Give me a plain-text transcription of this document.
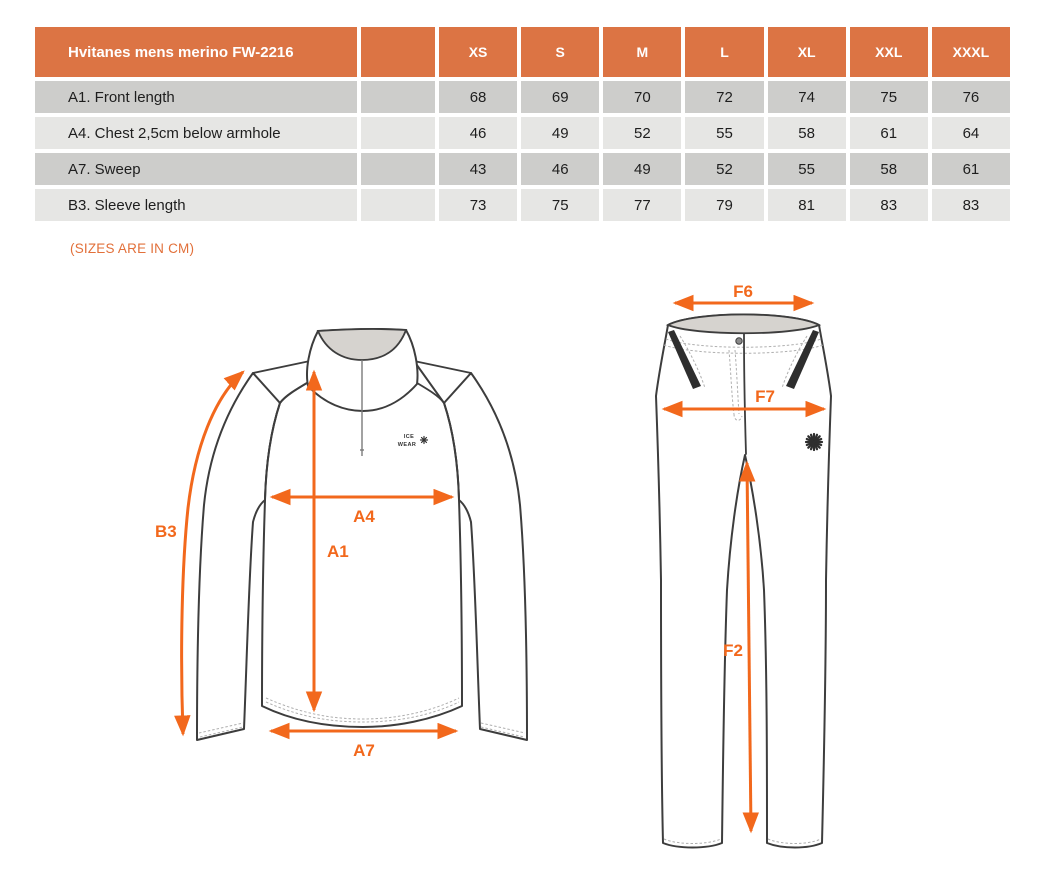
Hvitanes mens merino FW-2216		XS	S	M	L	XL	XXL	XXXL
A1. Front length		68	69	70	72	74	75	76
A4. Chest 2,5cm below armhole		46	49	52	55	58	61	64
A7. Sweep		43	46	49	52	55	58	61
B3. Sleeve length		73	75	77	79	81	83	83
(SIZES ARE IN CM)
ICE
WEAR
B3
A4
A1
A7
F6
F7
F2
